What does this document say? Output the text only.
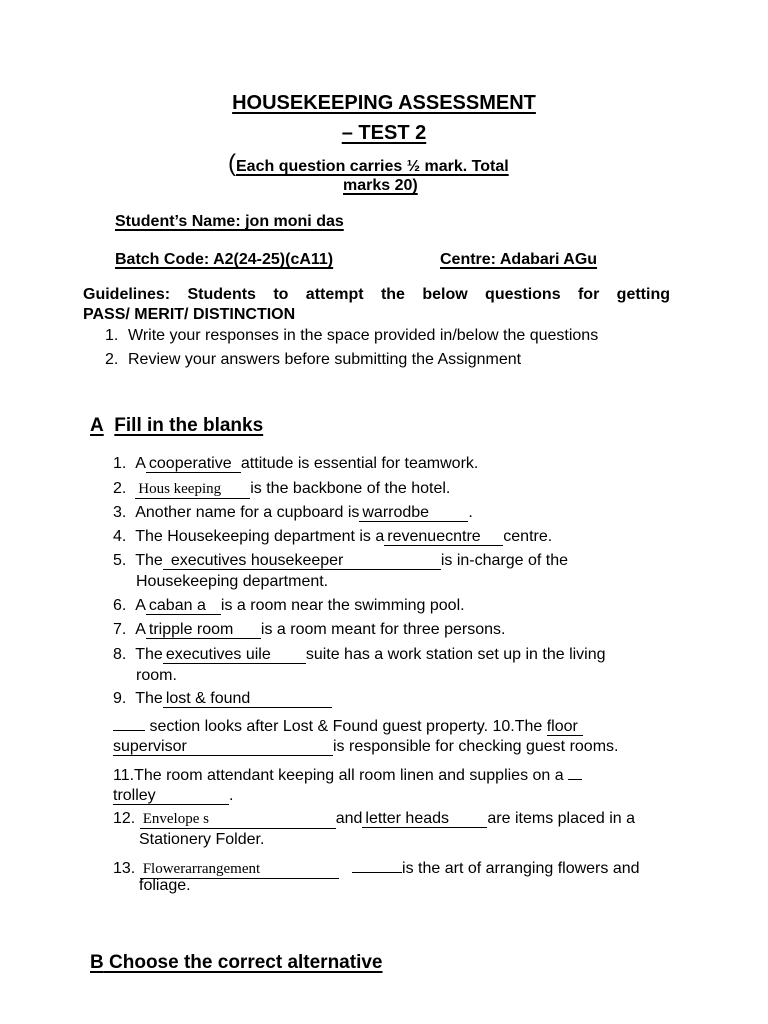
HOUSEKEEPING ASSESSMENT
– TEST 2
(Each question carries ½ mark. Total
marks 20)
Student’s Name: jon moni das
Batch Code: A2(24-25)(cA11)	Centre: Adabari AGu
Guidelines: Students to attempt the below questions for getting
PASS/ MERIT/ DISTINCTION
1. Write your responses in the space provided in/below the questions
2. Review your answers before submitting the Assignment
A Fill in the blanks
1. A cooperative attitude is essential for teamwork.
2. Hous keeping is the backbone of the hotel.
3. Another name for a cupboard is warrodbe .
4. The Housekeeping department is a revenuecntre centre.
5. The executives housekeeper	is in-charge of the
Housekeeping department.
6. A caban a is a room near the swimming pool.
7. A tripple room is a room meant for three persons.
8. The executives uile suite has a work station set up in the living
room.
9. The lost & found
section looks after Lost & Found guest property. 10.The floor
supervisor	is responsible for checking guest rooms.
11.The room attendant keeping all room linen and supplies on a
trolley	.
12. Envelope s	and letter heads are items placed in a
Stationery Folder.
13. Flowerarrangement	is the art of arranging flowers and
foliage.
B Choose the correct alternative
